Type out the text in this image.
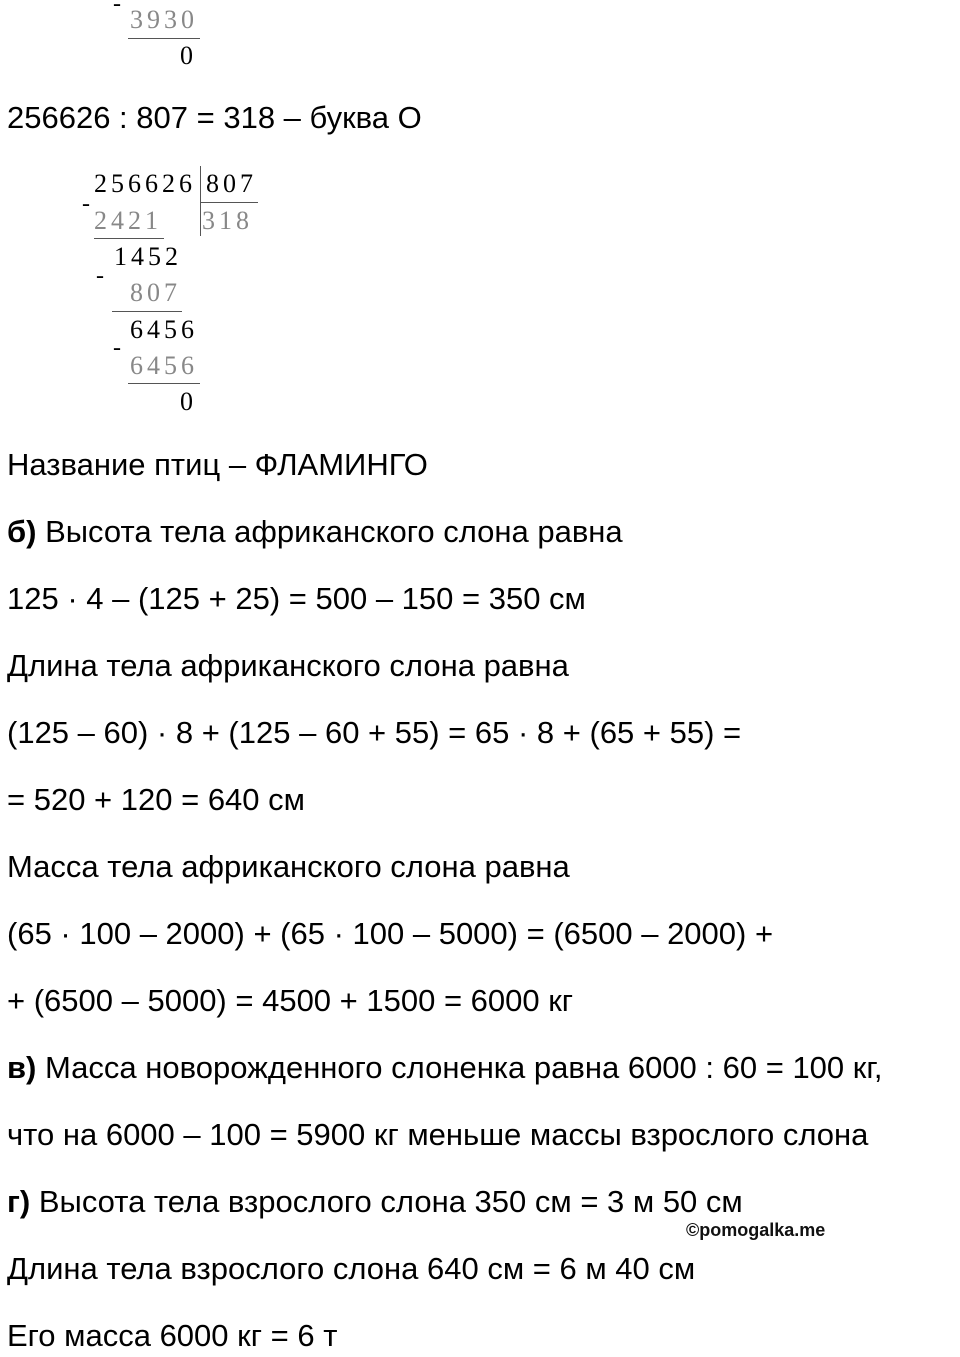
-
3930
0
256626 : 807 = 318 – буква О
256626 807
318
-
2421
1452
-
807
6456
-
6456
0
Название птиц – ФЛАМИНГО
б) Высота тела африканского слона равна
125 · 4 – (125 + 25) = 500 – 150 = 350 см
Длина тела африканского слона равна
(125 – 60) · 8 + (125 – 60 + 55) = 65 · 8 + (65 + 55) =
= 520 + 120 = 640 см
Масса тела африканского слона равна
(65 · 100 – 2000) + (65 · 100 – 5000) = (6500 – 2000) +
+ (6500 – 5000) = 4500 + 1500 = 6000 кг
в) Масса новорожденного слоненка равна 6000 : 60 = 100 кг,
что на 6000 – 100 = 5900 кг меньше массы взрослого слона
г) Высота тела взрослого слона 350 см = 3 м 50 см
©pomogalka.me
Длина тела взрослого слона 640 см = 6 м 40 см
Его масса 6000 кг = 6 т
